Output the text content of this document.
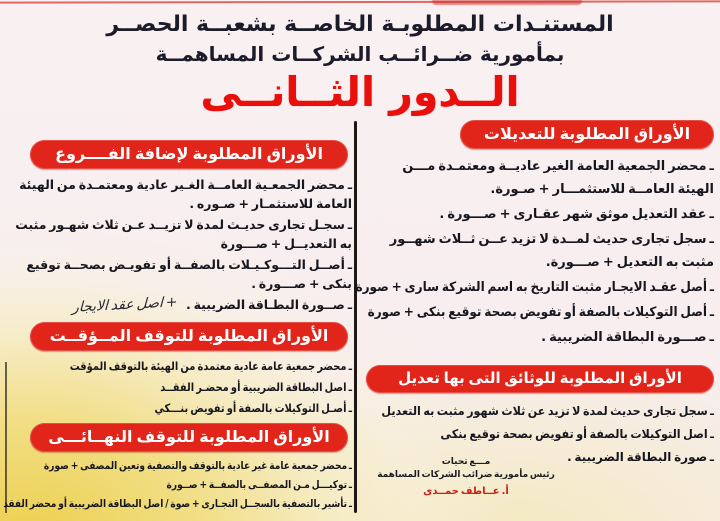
المستنـدات المطلوبـة الخاصــة بشعبــة الحصــر
بمأمورية ضــرائــب الشركــات المساهمــة
الــدور الثــانــى
الأوراق المطلوبة لإضافة الفــــروع

ـ محضر الجمعـية العامــة الغـير عادية ومعتمـدة من الهيئة العامة للاستثمـار + صـوره .

ـ سجـل تجارى حديـث لمدة لا تزيــد عـن ثلاث شهـور مثبت به التعديــل + صـــورة

ـ أصــل التـــوكـيـلات بالصفــة أو تفويـض بصحــة توقيع بنكى + صـــورة .

ـ صــورة البطـاقة الضريبية .+ اصل عقد الايجار

الأوراق المطلوبة للتوقف المــؤقــت

ـ محضر جمعية عامة عادية معتمدة من الهيئة بالتوقف المؤقت

ـ اصل البطاقة الضريبية أو محضـر الفقــد

ـ أصـل التوكيلات بالصفة أو تفويض بنـــكي

الأوراق المطلوبة للتوقف النهــائـــى

ـ محضر جمعية عامة غير عادية بالتوقف والتصفية وتعين المصفى + صورة

ـ توكيـــل مـن المصفــى بالصفــة + صــورة

ـ تأشير بالتصفية بالسجــل التجـارى + صوة / اصل البطاقة الضريبية أو محضر الفقد

الأوراق المطلوبة للتعديلات

ـ محضر الجمعية العامة الغير عاديــة ومعتمـدة مـــن الهيئة العامــة للاستثمـــار + صـورة.

ـ عقد التعديل موثق شهر عقـارى + صـــورة .

ـ سجل تجارى حديث لمــدة لا تزيد عــن ثــلاث شهــور مثبت به التعديل + صـــورة.

ـ أصل عقـد الايجـار مثبت التاريخ به اسم الشركة سارى + صورة

ـ أصل التوكيلات بالصفة أو تفويض بصحة توقيع بنكى + صورة

ـ صـــورة البطاقة الضريبية .

الأوراق المطلوبة للوثائق التى بها تعديل

ـ سجل تجارى حديث لمدة لا تزيد عن ثلاث شهور مثبت به التعديل

ـ اصل التوكيلات بالصفة أو تفويض بصحة توقيع بنكى

ـ صورة البطاقة الضريبية .

مـــع تحيات
رئيس مأمورية ضرائب الشركات المساهمة
أ. عــاطف حمــدى
